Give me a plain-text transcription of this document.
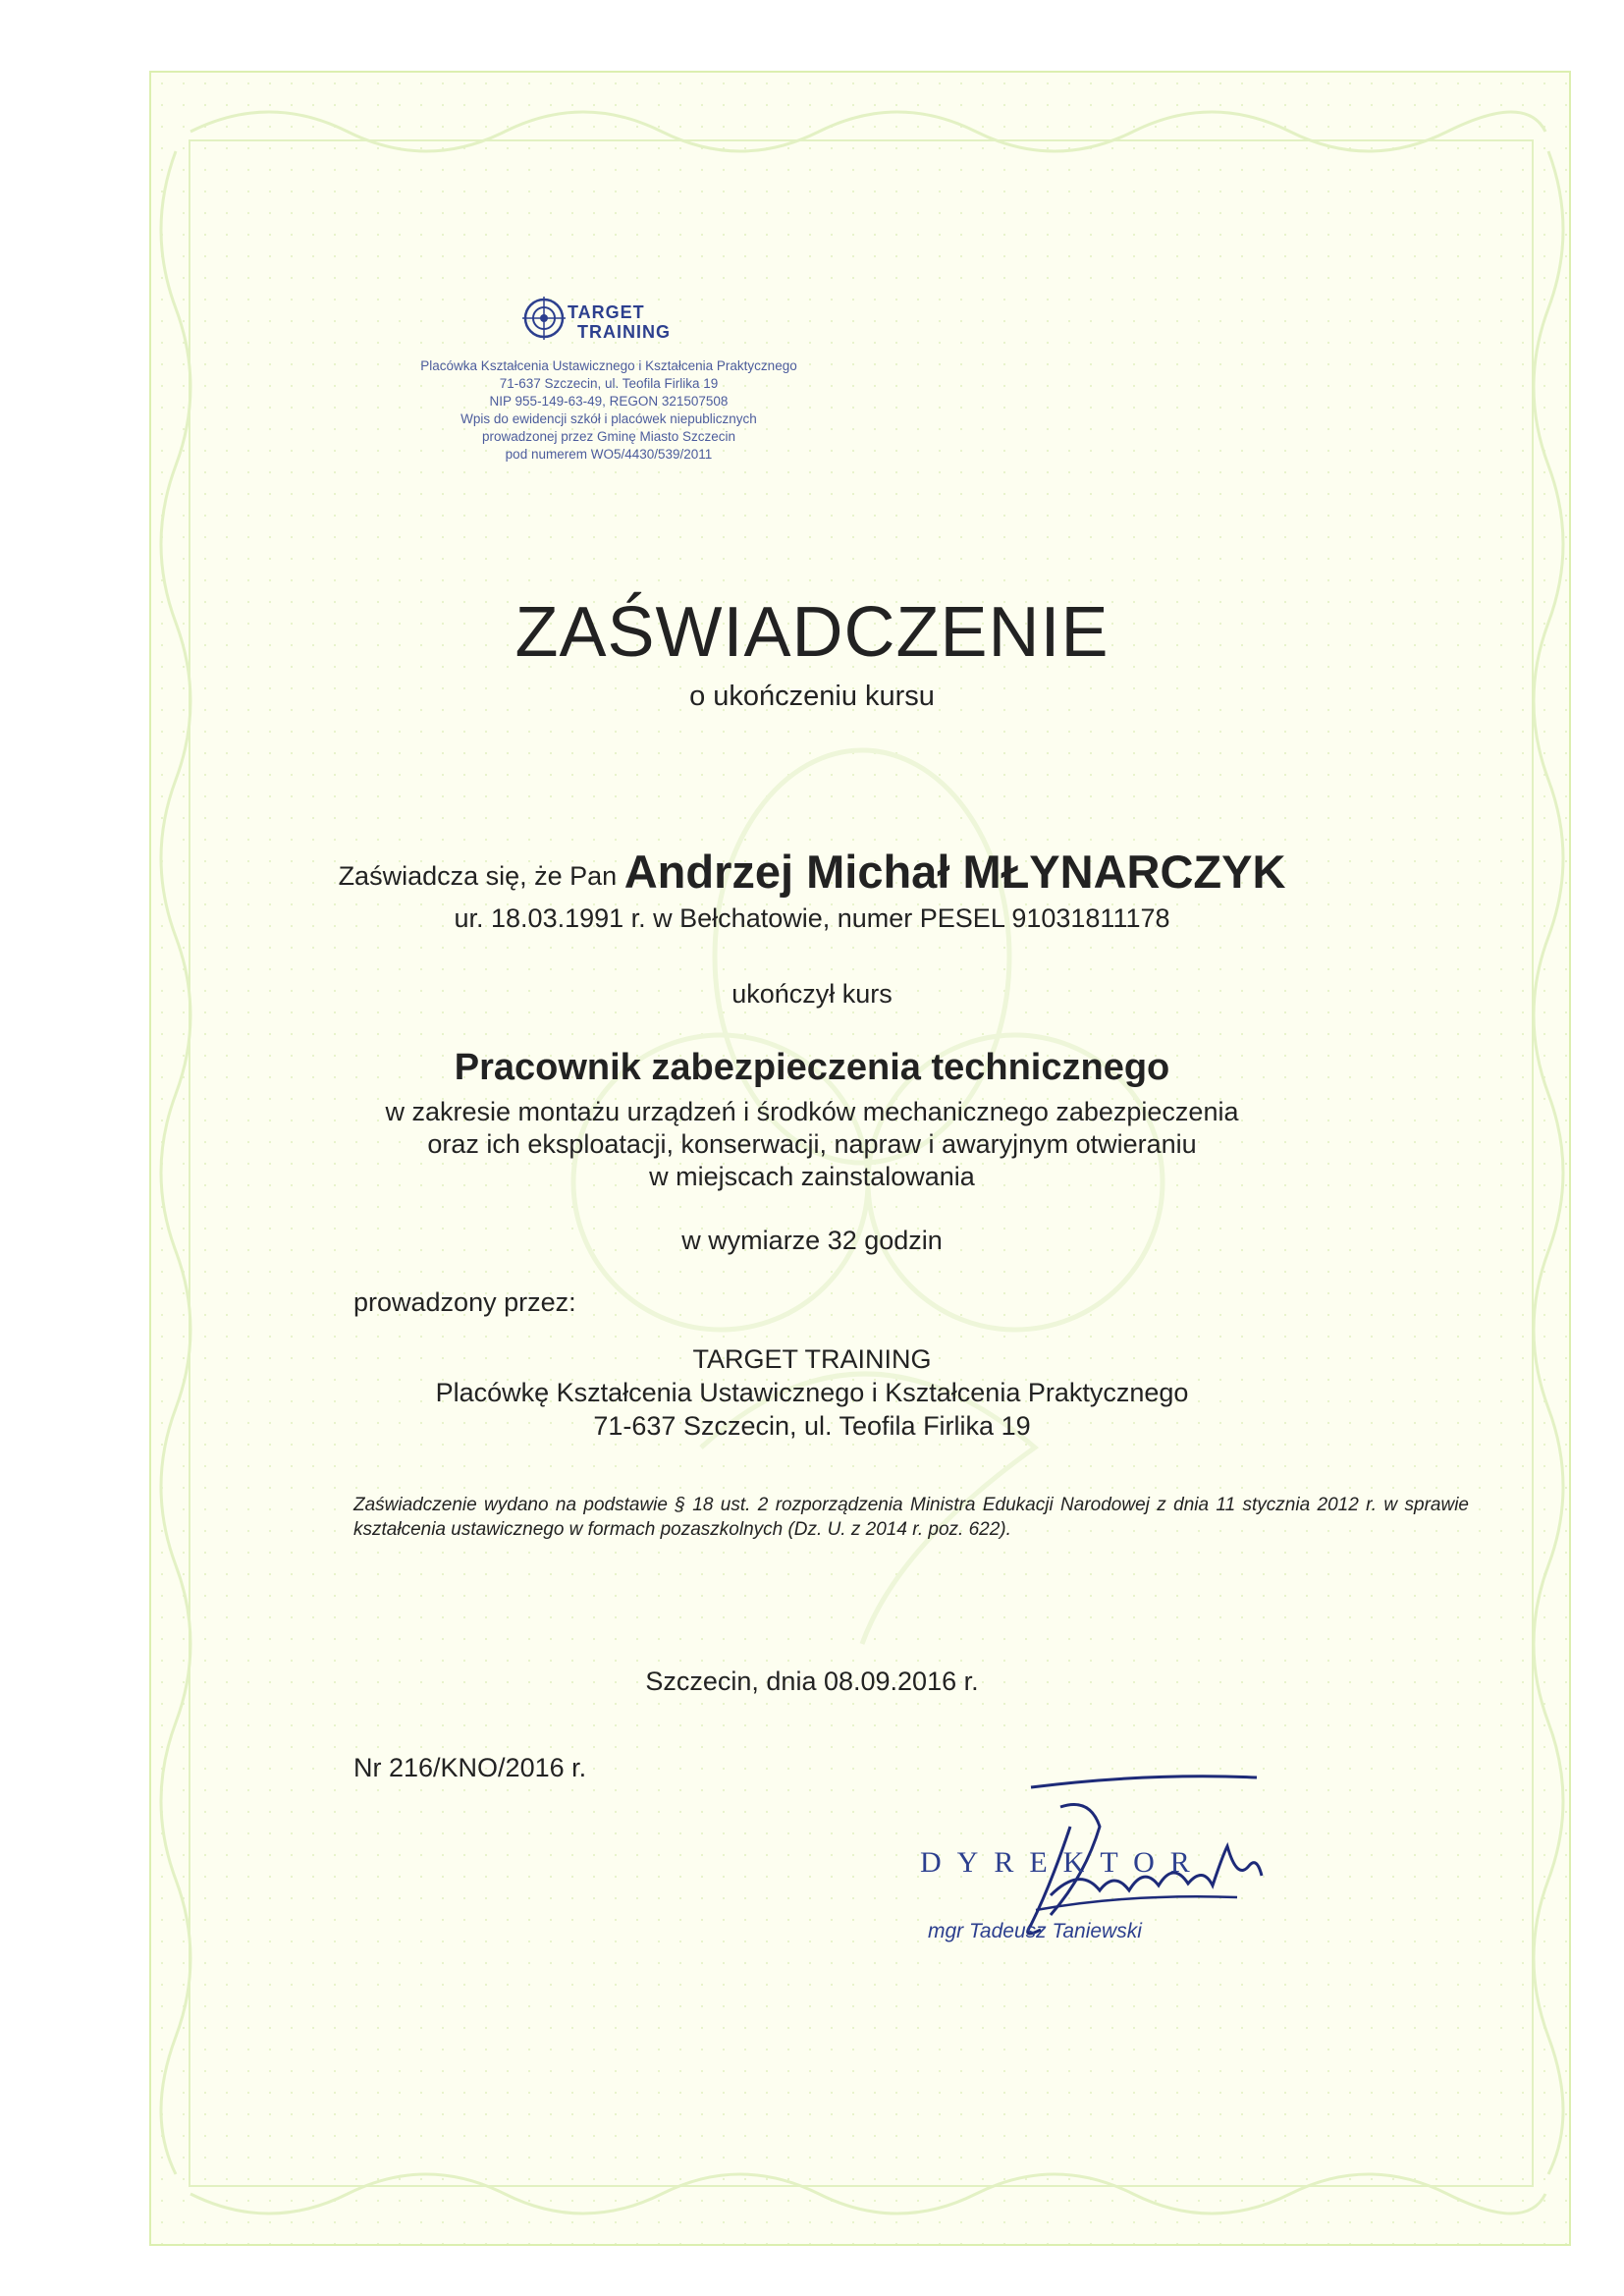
TARGET
TRAINING
Placówka Kształcenia Ustawicznego i Kształcenia Praktycznego
71-637 Szczecin, ul. Teofila Firlika 19
NIP 955-149-63-49, REGON 321507508
Wpis do ewidencji szkół i placówek niepublicznych
prowadzonej przez Gminę Miasto Szczecin
pod numerem WO5/4430/539/2011
ZAŚWIADCZENIE
o ukończeniu kursu
Zaświadcza się, że Pan Andrzej Michał MŁYNARCZYK
ur. 18.03.1991 r. w Bełchatowie, numer PESEL 91031811178
ukończył kurs
Pracownik zabezpieczenia technicznego
w zakresie montażu urządzeń i środków mechanicznego zabezpieczenia
oraz ich eksploatacji, konserwacji, napraw i awaryjnym otwieraniu
w miejscach zainstalowania
w wymiarze 32 godzin
prowadzony przez:
TARGET TRAINING
Placówkę Kształcenia Ustawicznego i Kształcenia Praktycznego
71-637 Szczecin, ul. Teofila Firlika 19
Zaświadczenie wydano na podstawie § 18 ust. 2 rozporządzenia Ministra Edukacji Narodowej z dnia 11 stycznia 2012 r. w sprawie kształcenia ustawicznego w formach pozaszkolnych (Dz. U. z 2014 r. poz. 622).
Szczecin, dnia 08.09.2016 r.
Nr 216/KNO/2016 r.
DYREKTOR
mgr Tadeusz Taniewski
